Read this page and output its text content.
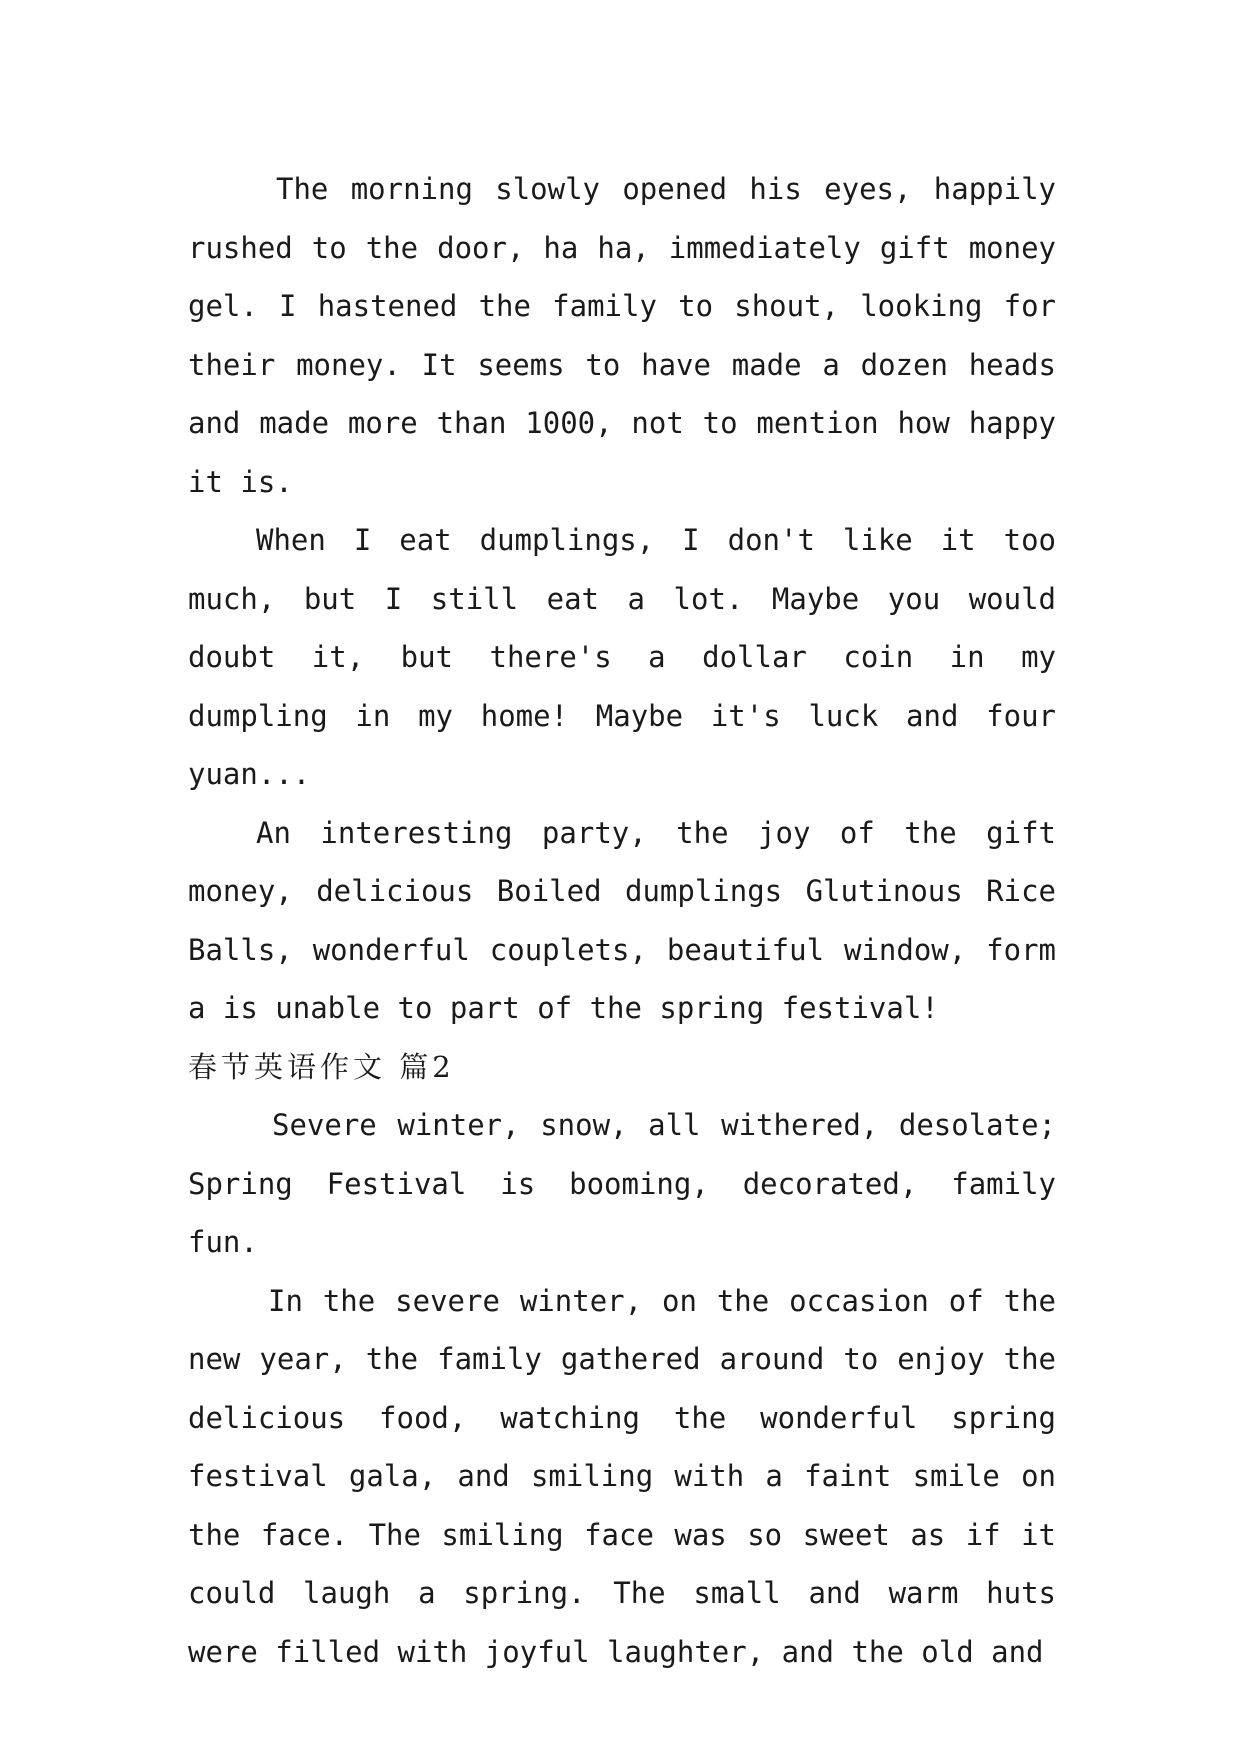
The morning slowly opened his eyes, happily rushed to the door, ha ha, immediately gift money gel. I hastened the family to shout, looking for their money. It seems to have made a dozen heads and made more than 1000, not to mention how happy it is.

When I eat dumplings, I don't like it too much, but I still eat a lot. Maybe you would doubt it, but there's a dollar coin in my dumpling in my home! Maybe it's luck and four yuan...

An interesting party, the joy of the gift money, delicious Boiled dumplings Glutinous Rice Balls, wonderful couplets, beautiful window, form a is unable to part of the spring festival!

春节英语作文 篇2

Severe winter, snow, all withered, desolate; Spring Festival is booming, decorated, family fun.

In the severe winter, on the occasion of the new year, the family gathered around to enjoy the delicious food, watching the wonderful spring festival gala, and smiling with a faint smile on the face. The smiling face was so sweet as if it could laugh a spring. The small and warm huts were filled with joyful laughter, and the old and
